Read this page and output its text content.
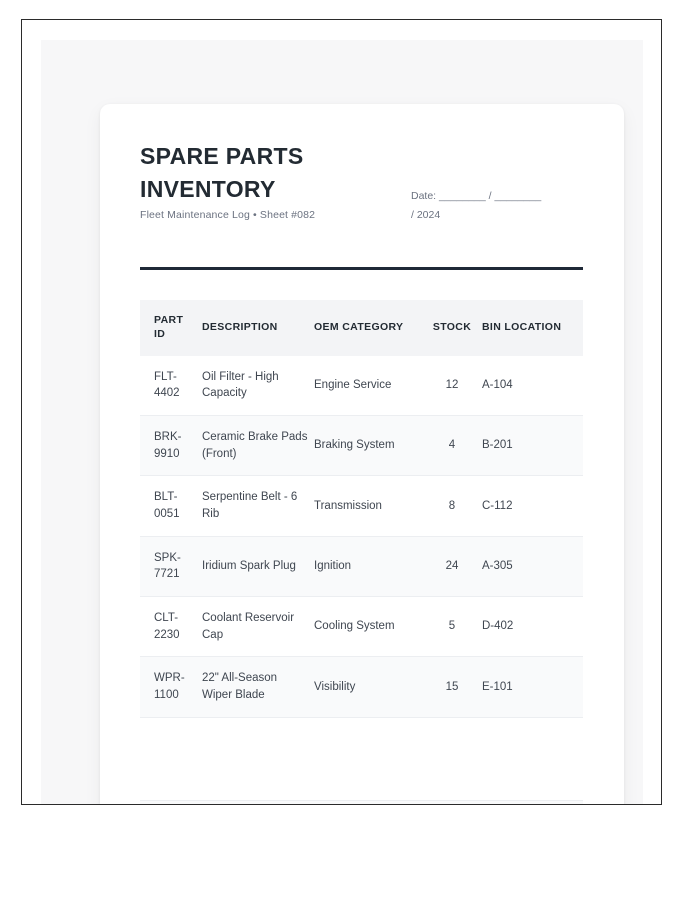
SPARE PARTS INVENTORY

Fleet Maintenance Log • Sheet #082

Date: ________ / ________
/ 2024
PART ID	DESCRIPTION	OEM CATEGORY	STOCK	BIN LOCATION
FLT-4402	Oil Filter - High Capacity	Engine Service	12	A-104
BRK-9910	Ceramic Brake Pads (Front)	Braking System	4	B-201
BLT-0051	Serpentine Belt - 6 Rib	Transmission	8	C-112
SPK-7721	Iridium Spark Plug	Ignition	24	A-305
CLT-2230	Coolant Reservoir Cap	Cooling System	5	D-402
WPR-1100	22" All-Season Wiper Blade	Visibility	15	E-101
